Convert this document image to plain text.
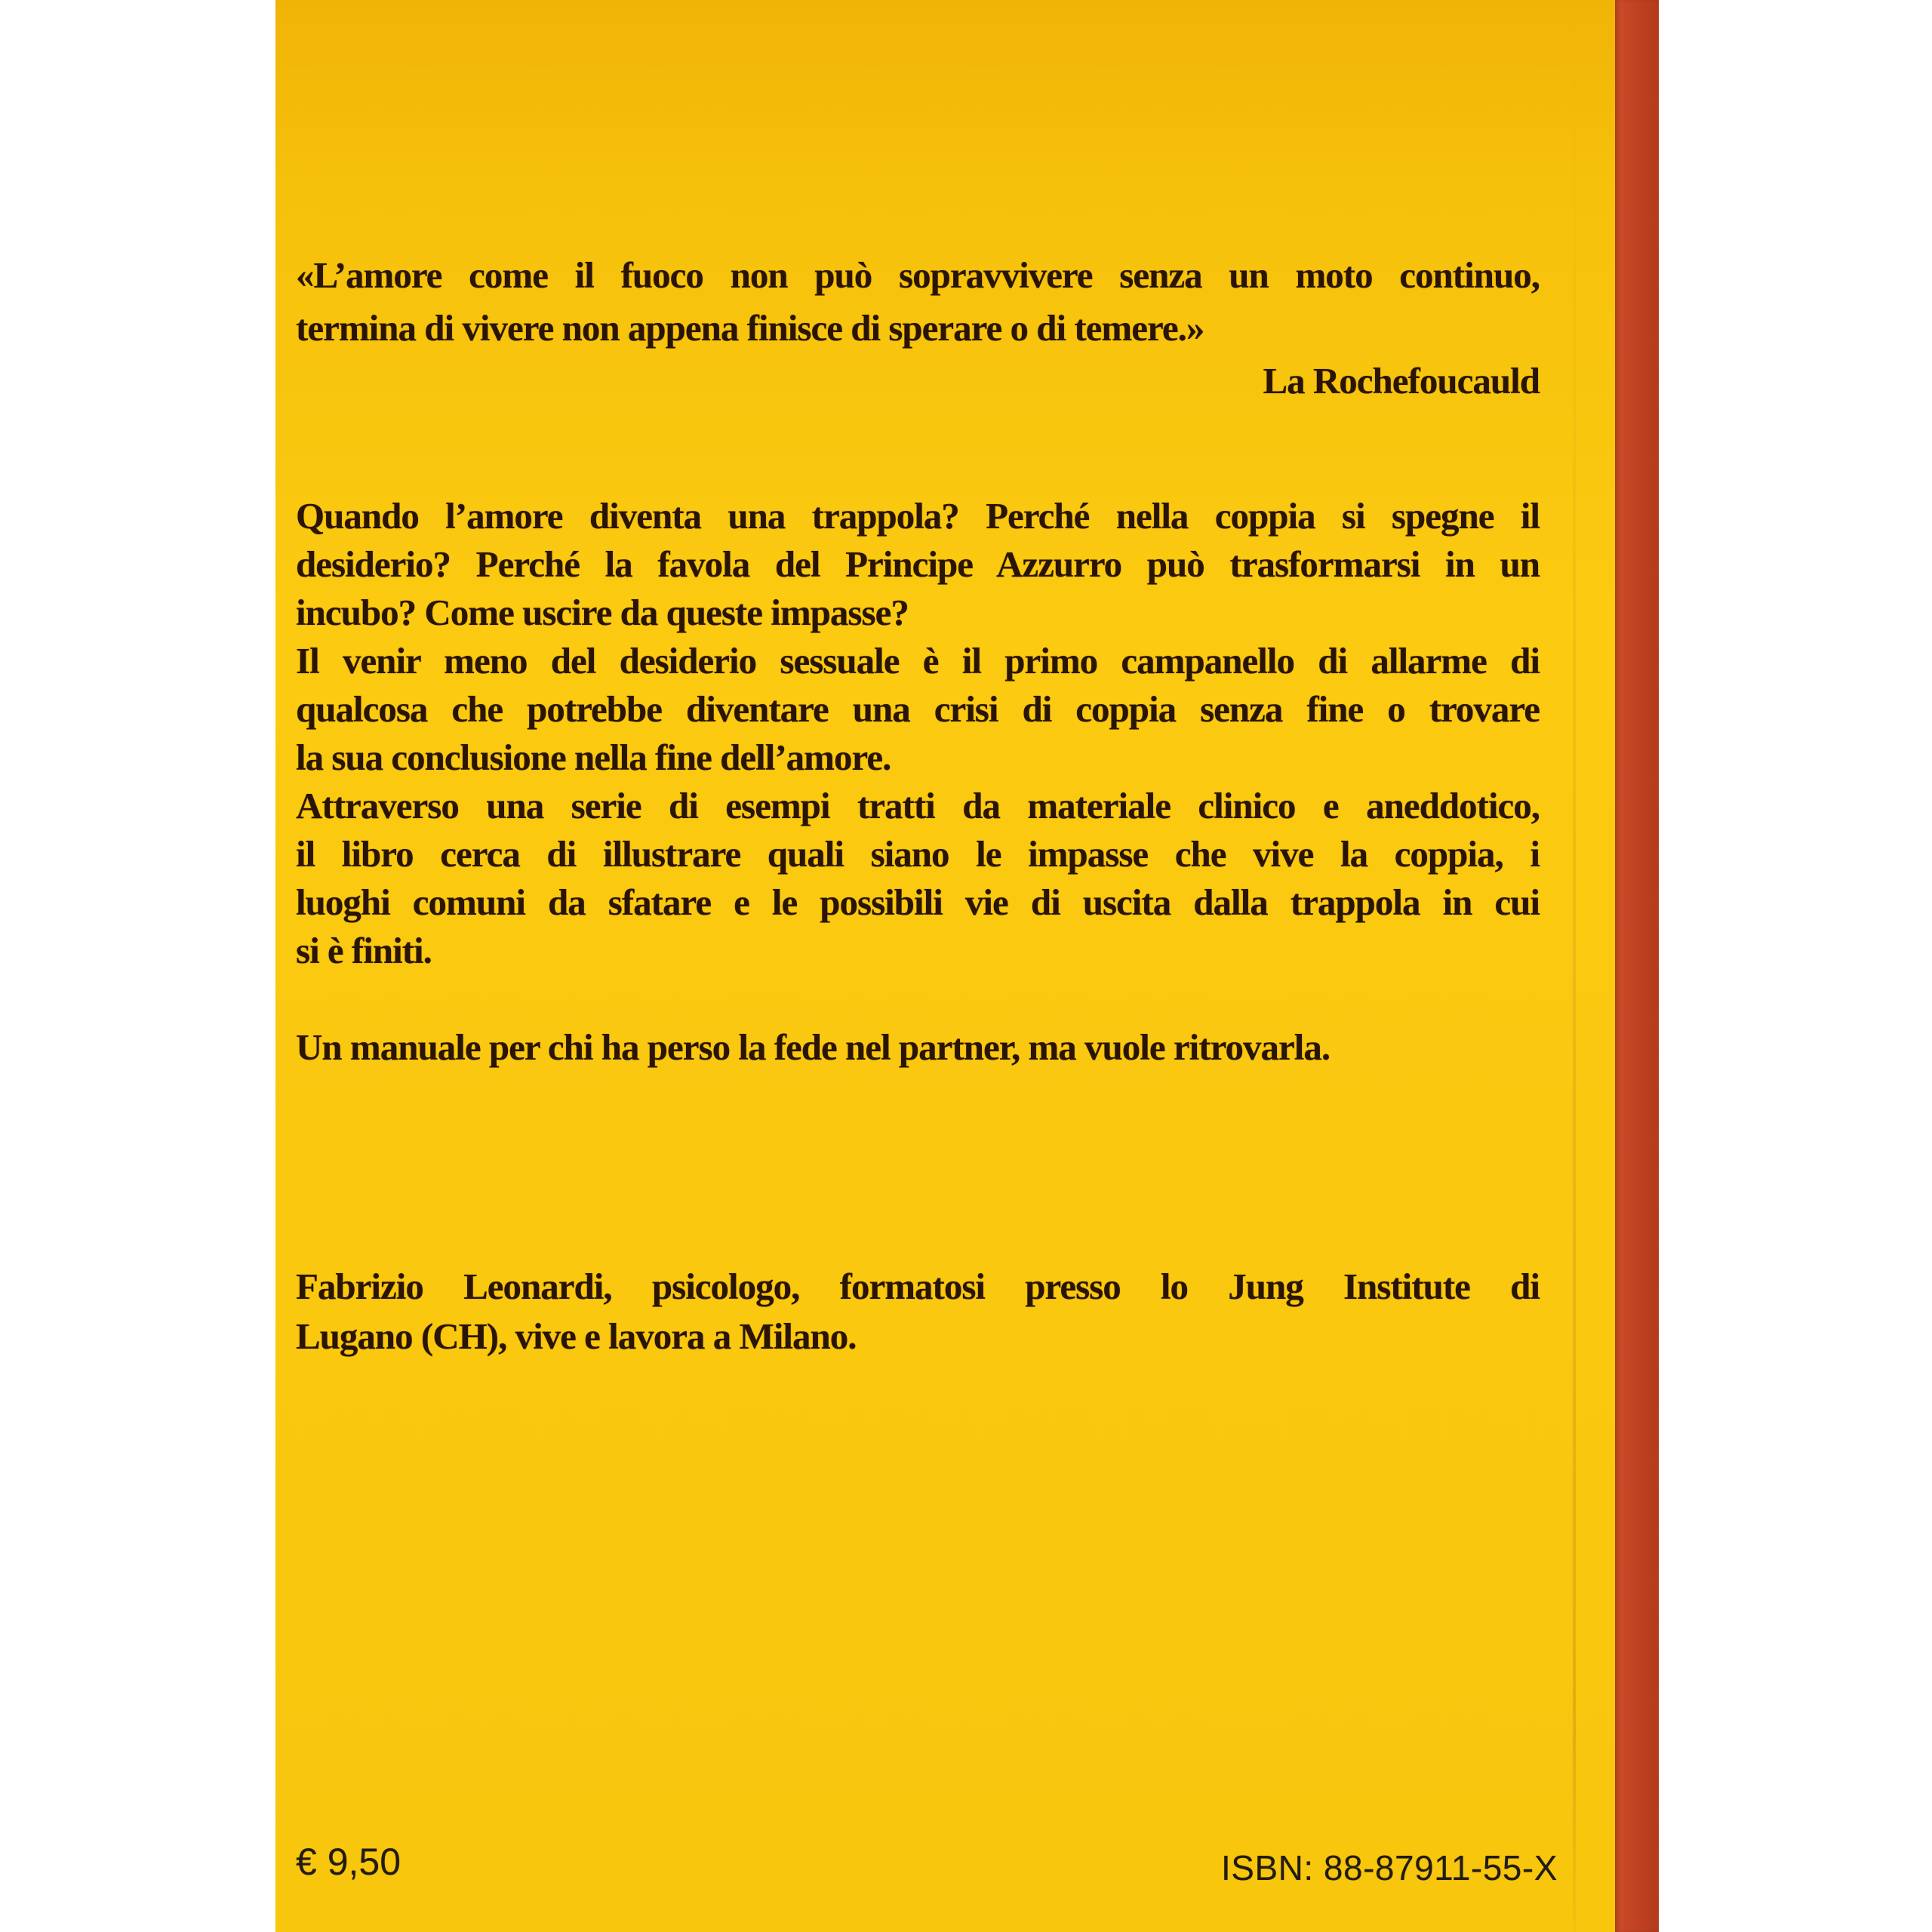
«L’amore come il fuoco non può sopravvivere senza un moto continuo,
termina di vivere non appena finisce di sperare o di temere.»
La Rochefoucauld
Quando l’amore diventa una trappola? Perché nella coppia si spegne il
desiderio? Perché la favola del Principe Azzurro può trasformarsi in un
incubo? Come uscire da queste impasse?
Il venir meno del desiderio sessuale è il primo campanello di allarme di
qualcosa che potrebbe diventare una crisi di coppia senza fine o trovare
la sua conclusione nella fine dell’amore.
Attraverso una serie di esempi tratti da materiale clinico e aneddotico,
il libro cerca di illustrare quali siano le impasse che vive la coppia, i
luoghi comuni da sfatare e le possibili vie di uscita dalla trappola in cui
si è finiti.
Un manuale per chi ha perso la fede nel partner, ma vuole ritrovarla.
Fabrizio Leonardi, psicologo, formatosi presso lo Jung Institute di
Lugano (CH), vive e lavora a Milano.
€ 9,50	ISBN: 88-87911-55-X
